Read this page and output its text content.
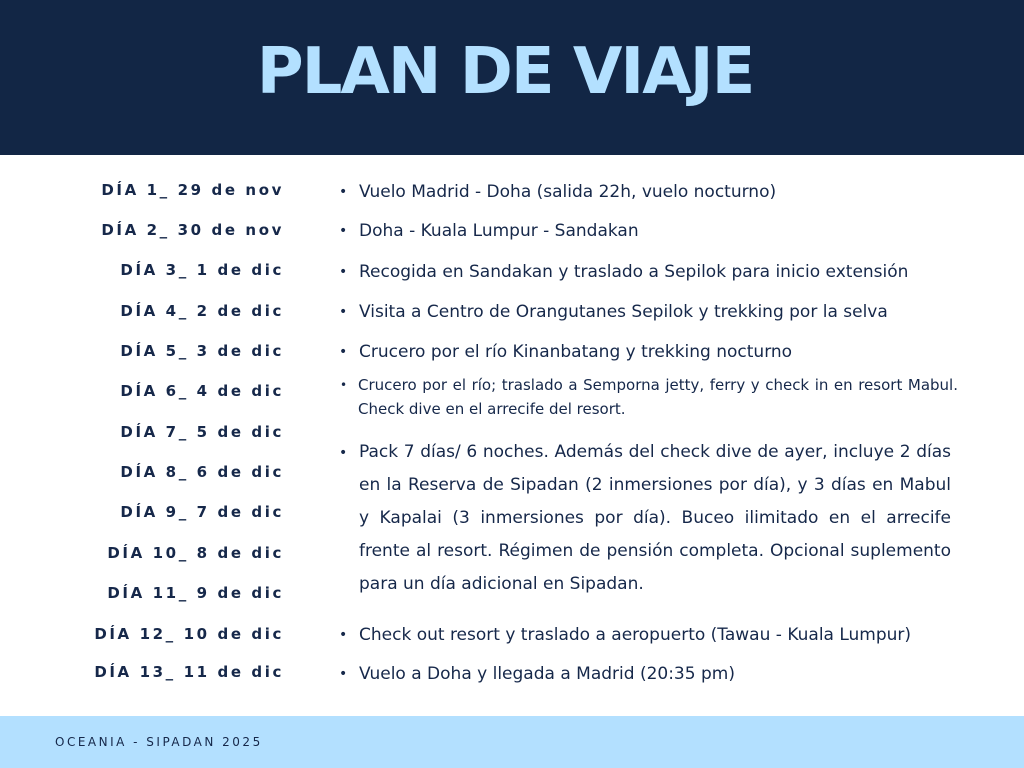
PLAN DE VIAJE
DÍA 1_ 29 de nov
DÍA 2_ 30 de nov
DÍA 3_ 1 de dic
DÍA 4_ 2 de dic
DÍA 5_ 3 de dic
DÍA 6_ 4 de dic
DÍA 7_ 5 de dic
DÍA 8_ 6 de dic
DÍA 9_ 7 de dic
DÍA 10_ 8 de dic
DÍA 11_ 9 de dic
DÍA 12_ 10 de dic
DÍA 13_ 11 de dic
• Vuelo Madrid - Doha (salida 22h, vuelo nocturno)
• Doha - Kuala Lumpur - Sandakan
• Recogida en Sandakan y traslado a Sepilok para inicio extensión
• Visita a Centro de Orangutanes Sepilok y trekking por la selva
• Crucero por el río Kinanbatang y trekking nocturno
• Crucero por el río; traslado a Semporna jetty, ferry y check in en resort Mabul. Check dive en el arrecife del resort.
• Pack 7 días/ 6 noches. Además del check dive de ayer, incluye 2 días en la Reserva de Sipadan (2 inmersiones por día), y 3 días en Mabul y Kapalai (3 inmersiones por día). Buceo ilimitado en el arrecife frente al resort. Régimen de pensión completa. Opcional suplemento para un día adicional en Sipadan.
• Check out resort y traslado a aeropuerto (Tawau - Kuala Lumpur)
• Vuelo a Doha y llegada a Madrid (20:35 pm)
OCEANIA - SIPADAN 2025
